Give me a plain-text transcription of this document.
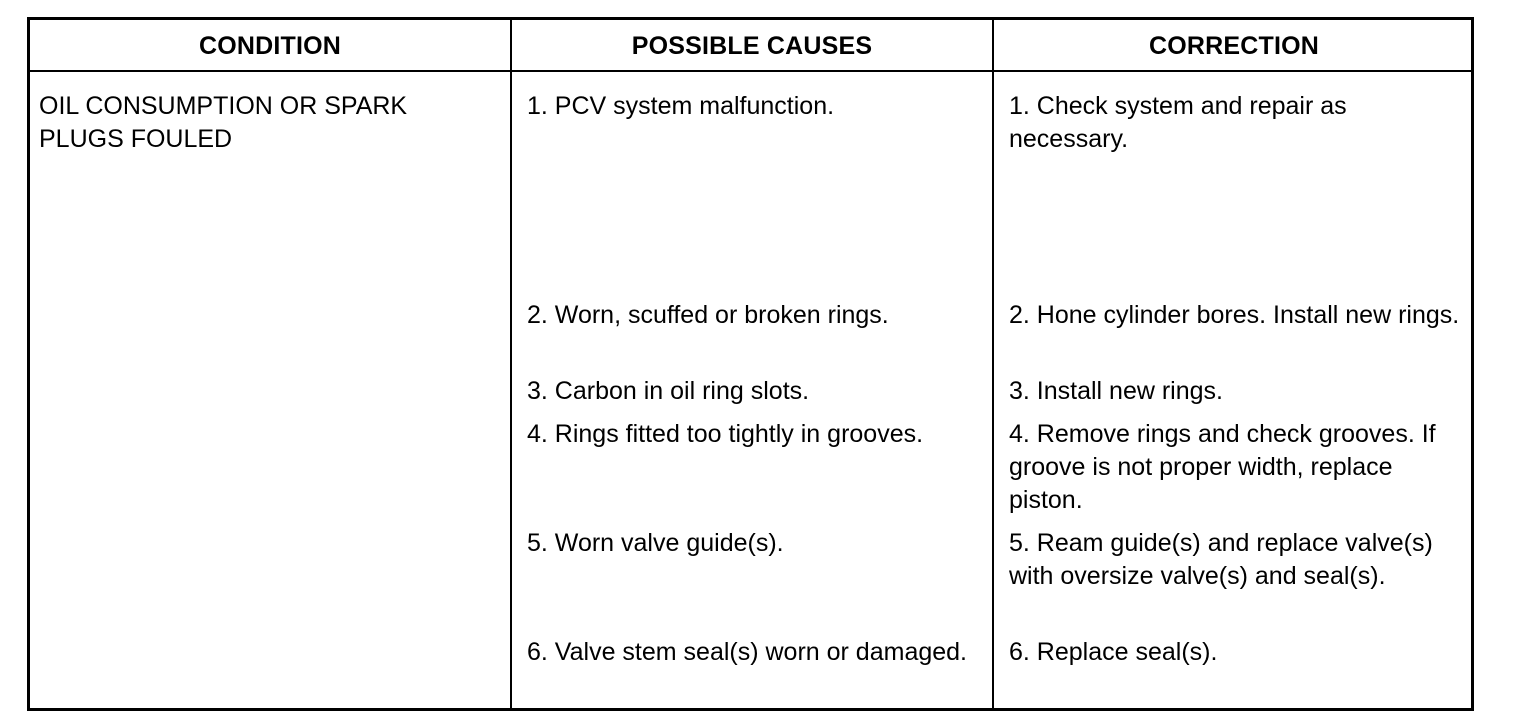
CONDITION	POSSIBLE CAUSES	CORRECTION
OIL CONSUMPTION OR SPARK PLUGS FOULED
1. PCV system malfunction.	1. Check system and repair as necessary.
2. Worn, scuffed or broken rings.	2. Hone cylinder bores. Install new rings.
3. Carbon in oil ring slots.	3. Install new rings.
4. Rings fitted too tightly in grooves.	4. Remove rings and check grooves. If groove is not proper width, replace piston.
5. Worn valve guide(s).	5. Ream guide(s) and replace valve(s) with oversize valve(s) and seal(s).
6. Valve stem seal(s) worn or damaged.	6. Replace seal(s).
